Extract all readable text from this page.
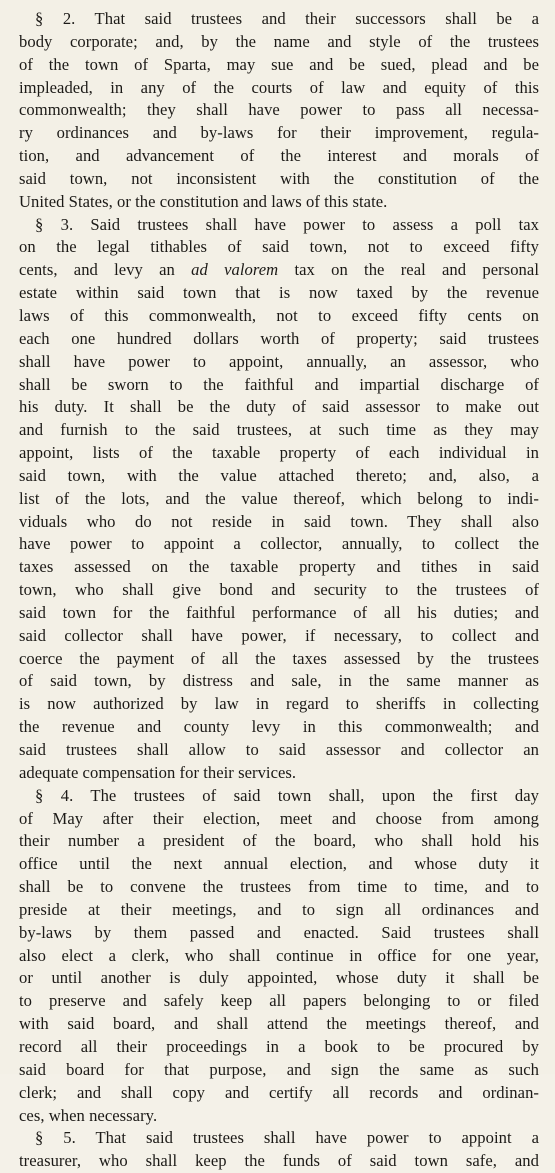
§ 2. That said trustees and their successors shall be a
body corporate; and, by the name and style of the trustees
of the town of Sparta, may sue and be sued, plead and be
impleaded, in any of the courts of law and equity of this
commonwealth; they shall have power to pass all necessa-
ry ordinances and by-laws for their improvement, regula-
tion, and advancement of the interest and morals of
said town, not inconsistent with the constitution of the
United States, or the constitution and laws of this state.
§ 3. Said trustees shall have power to assess a poll tax
on the legal tithables of said town, not to exceed fifty
cents, and levy an ad valorem tax on the real and personal
estate within said town that is now taxed by the revenue
laws of this commonwealth, not to exceed fifty cents on
each one hundred dollars worth of property; said trustees
shall have power to appoint, annually, an assessor, who
shall be sworn to the faithful and impartial discharge of
his duty. It shall be the duty of said assessor to make out
and furnish to the said trustees, at such time as they may
appoint, lists of the taxable property of each individual in
said town, with the value attached thereto; and, also, a
list of the lots, and the value thereof, which belong to indi-
viduals who do not reside in said town. They shall also
have power to appoint a collector, annually, to collect the
taxes assessed on the taxable property and tithes in said
town, who shall give bond and security to the trustees of
said town for the faithful performance of all his duties; and
said collector shall have power, if necessary, to collect and
coerce the payment of all the taxes assessed by the trustees
of said town, by distress and sale, in the same manner as
is now authorized by law in regard to sheriffs in collecting
the revenue and county levy in this commonwealth; and
said trustees shall allow to said assessor and collector an
adequate compensation for their services.
§ 4. The trustees of said town shall, upon the first day
of May after their election, meet and choose from among
their number a president of the board, who shall hold his
office until the next annual election, and whose duty it
shall be to convene the trustees from time to time, and to
preside at their meetings, and to sign all ordinances and
by-laws by them passed and enacted. Said trustees shall
also elect a clerk, who shall continue in office for one year,
or until another is duly appointed, whose duty it shall be
to preserve and safely keep all papers belonging to or filed
with said board, and shall attend the meetings thereof, and
record all their proceedings in a book to be procured by
said board for that purpose, and sign the same as such
clerk; and shall copy and certify all records and ordinan-
ces, when necessary.
§ 5. That said trustees shall have power to appoint a
treasurer, who shall keep the funds of said town safe, and
